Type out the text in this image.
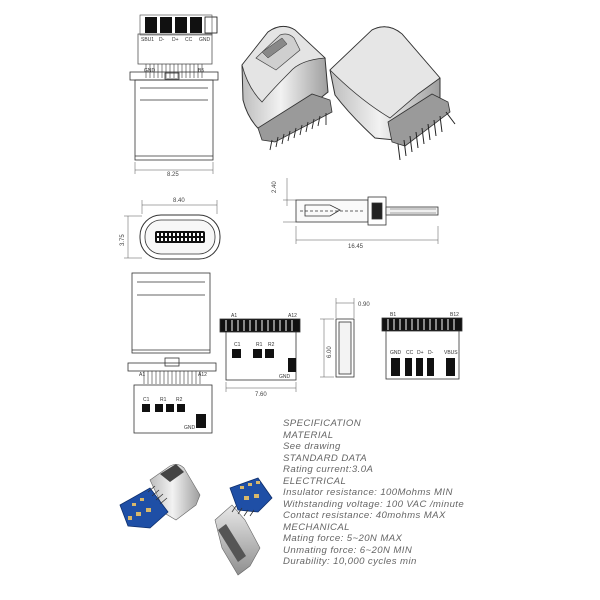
SBU1 D- D+ CC GND
GND	B5
8.25
8.40
3.75
2.40
16.45
A1	A12
C1 R1 R2
GND
A1	A12
C1	R1 R2
GND
7.60
0.90
6.00
B1	B12
GND CC D+ D- VBUS
SPECIFICATION
MATERIAL
See drawing
STANDARD DATA
Rating current:3.0A
ELECTRICAL
Insulator resistance: 100Mohms MIN
Withstanding voltage: 100 VAC /minute
Contact resistance: 40mohms MAX
MECHANICAL
Mating force: 5~20N MAX
Unmating force: 6~20N MIN
Durability: 10,000 cycles min
